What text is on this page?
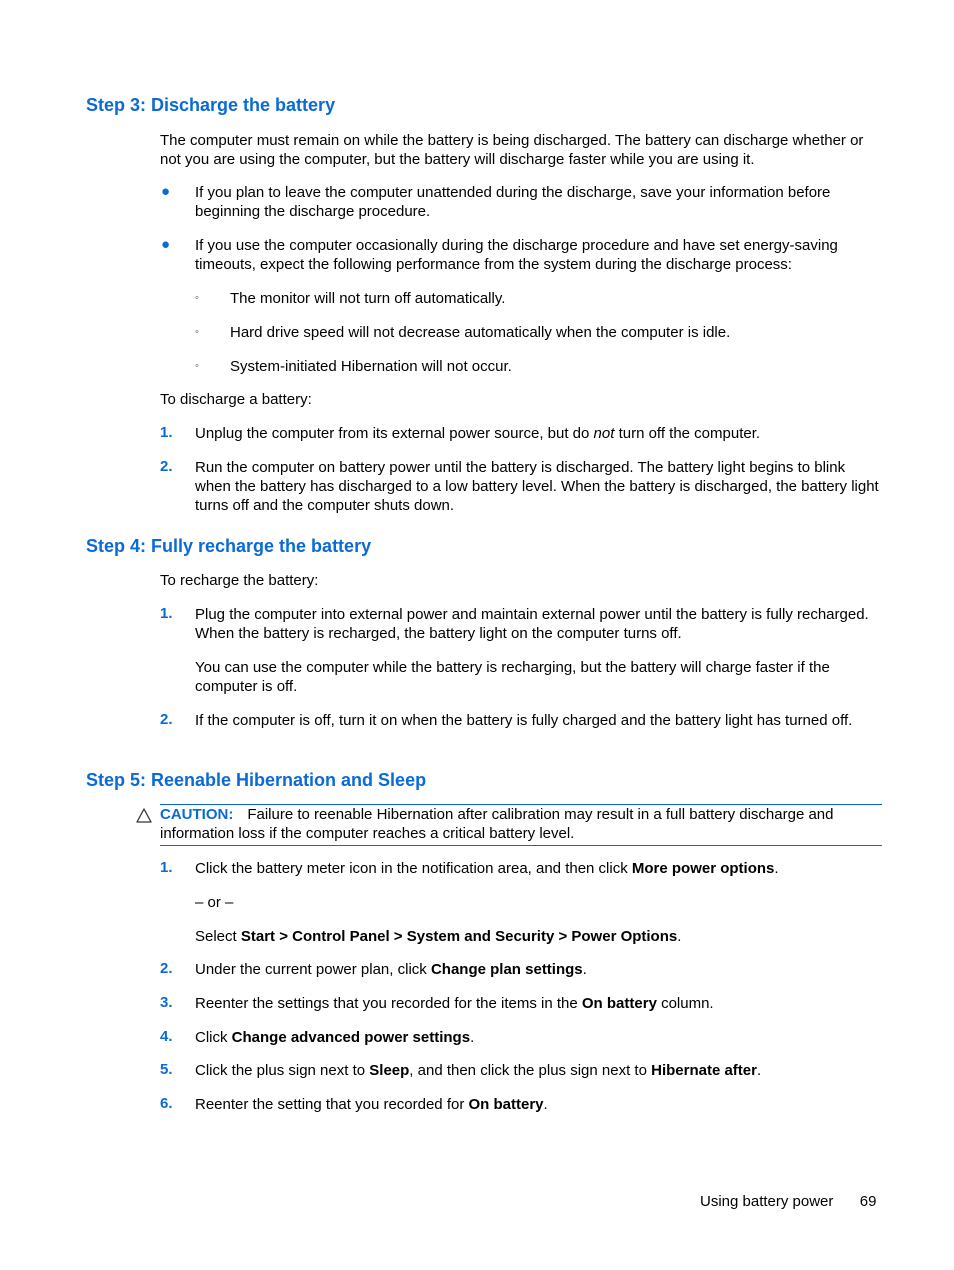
Step 3: Discharge the battery
The computer must remain on while the battery is being discharged. The battery can discharge whether or not you are using the computer, but the battery will discharge faster while you are using it.
● If you plan to leave the computer unattended during the discharge, save your information before beginning the discharge procedure.
● If you use the computer occasionally during the discharge procedure and have set energy-saving timeouts, expect the following performance from the system during the discharge process:
◦ The monitor will not turn off automatically.
◦ Hard drive speed will not decrease automatically when the computer is idle.
◦ System-initiated Hibernation will not occur.
To discharge a battery:
1. Unplug the computer from its external power source, but do not turn off the computer.
2. Run the computer on battery power until the battery is discharged. The battery light begins to blink when the battery has discharged to a low battery level. When the battery is discharged, the battery light turns off and the computer shuts down.
Step 4: Fully recharge the battery
To recharge the battery:
1. Plug the computer into external power and maintain external power until the battery is fully recharged. When the battery is recharged, the battery light on the computer turns off.
You can use the computer while the battery is recharging, but the battery will charge faster if the computer is off.
2. If the computer is off, turn it on when the battery is fully charged and the battery light has turned off.
Step 5: Reenable Hibernation and Sleep
CAUTION: Failure to reenable Hibernation after calibration may result in a full battery discharge and information loss if the computer reaches a critical battery level.
1. Click the battery meter icon in the notification area, and then click More power options.
– or –
Select Start > Control Panel > System and Security > Power Options.
2. Under the current power plan, click Change plan settings.
3. Reenter the settings that you recorded for the items in the On battery column.
4. Click Change advanced power settings.
5. Click the plus sign next to Sleep, and then click the plus sign next to Hibernate after.
6. Reenter the setting that you recorded for On battery.
Using battery power 69
